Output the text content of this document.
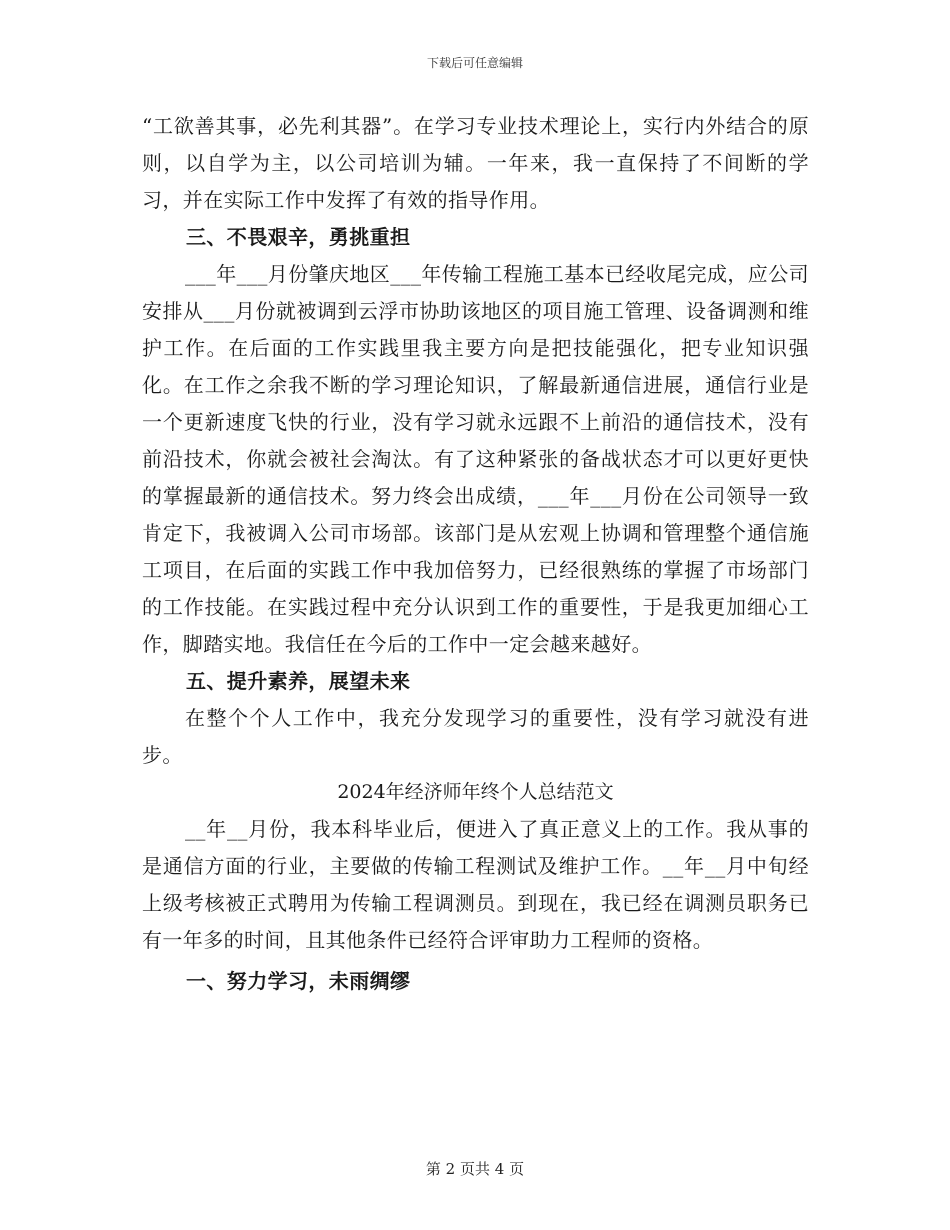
下载后可任意编辑

“工欲善其事，必先利其器”。在学习专业技术理论上，实行内外结合的原则，以自学为主，以公司培训为辅。一年来，我一直保持了不间断的学习，并在实际工作中发挥了有效的指导作用。

三、不畏艰辛，勇挑重担

___年___月份肇庆地区___年传输工程施工基本已经收尾完成，应公司安排从___月份就被调到云浮市协助该地区的项目施工管理、设备调测和维护工作。在后面的工作实践里我主要方向是把技能强化，把专业知识强化。在工作之余我不断的学习理论知识，了解最新通信进展，通信行业是一个更新速度飞快的行业，没有学习就永远跟不上前沿的通信技术，没有前沿技术，你就会被社会淘汰。有了这种紧张的备战状态才可以更好更快的掌握最新的通信技术。努力终会出成绩，___年___月份在公司领导一致肯定下，我被调入公司市场部。该部门是从宏观上协调和管理整个通信施工项目，在后面的实践工作中我加倍努力，已经很熟练的掌握了市场部门的工作技能。在实践过程中充分认识到工作的重要性，于是我更加细心工作，脚踏实地。我信任在今后的工作中一定会越来越好。

五、提升素养，展望未来

在整个个人工作中，我充分发现学习的重要性，没有学习就没有进步。

2024年经济师年终个人总结范文

__年__月份，我本科毕业后，便进入了真正意义上的工作。我从事的是通信方面的行业，主要做的传输工程测试及维护工作。__年__月中旬经上级考核被正式聘用为传输工程调测员。到现在，我已经在调测员职务已有一年多的时间，且其他条件已经符合评审助力工程师的资格。

一、努力学习，未雨绸缪

第 2 页共 4 页
